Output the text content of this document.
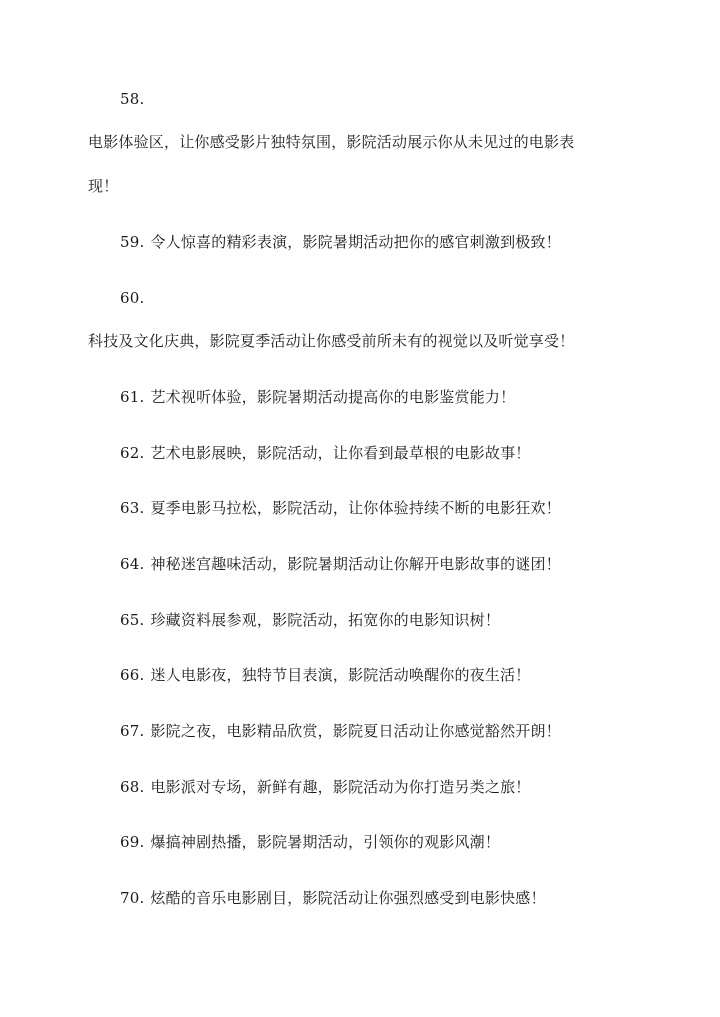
58.
电影体验区，让你感受影片独特氛围，影院活动展示你从未见过的电影表
现！
59. 令人惊喜的精彩表演，影院暑期活动把你的感官刺激到极致！
60.
科技及文化庆典，影院夏季活动让你感受前所未有的视觉以及听觉享受！
61. 艺术视听体验，影院暑期活动提高你的电影鉴赏能力！
62. 艺术电影展映，影院活动，让你看到最草根的电影故事！
63. 夏季电影马拉松，影院活动，让你体验持续不断的电影狂欢！
64. 神秘迷宫趣味活动，影院暑期活动让你解开电影故事的谜团！
65. 珍藏资料展参观，影院活动，拓宽你的电影知识树！
66. 迷人电影夜，独特节目表演，影院活动唤醒你的夜生活！
67. 影院之夜，电影精品欣赏，影院夏日活动让你感觉豁然开朗！
68. 电影派对专场，新鲜有趣，影院活动为你打造另类之旅！
69. 爆搞神剧热播，影院暑期活动，引领你的观影风潮！
70. 炫酷的音乐电影剧目，影院活动让你强烈感受到电影快感！
